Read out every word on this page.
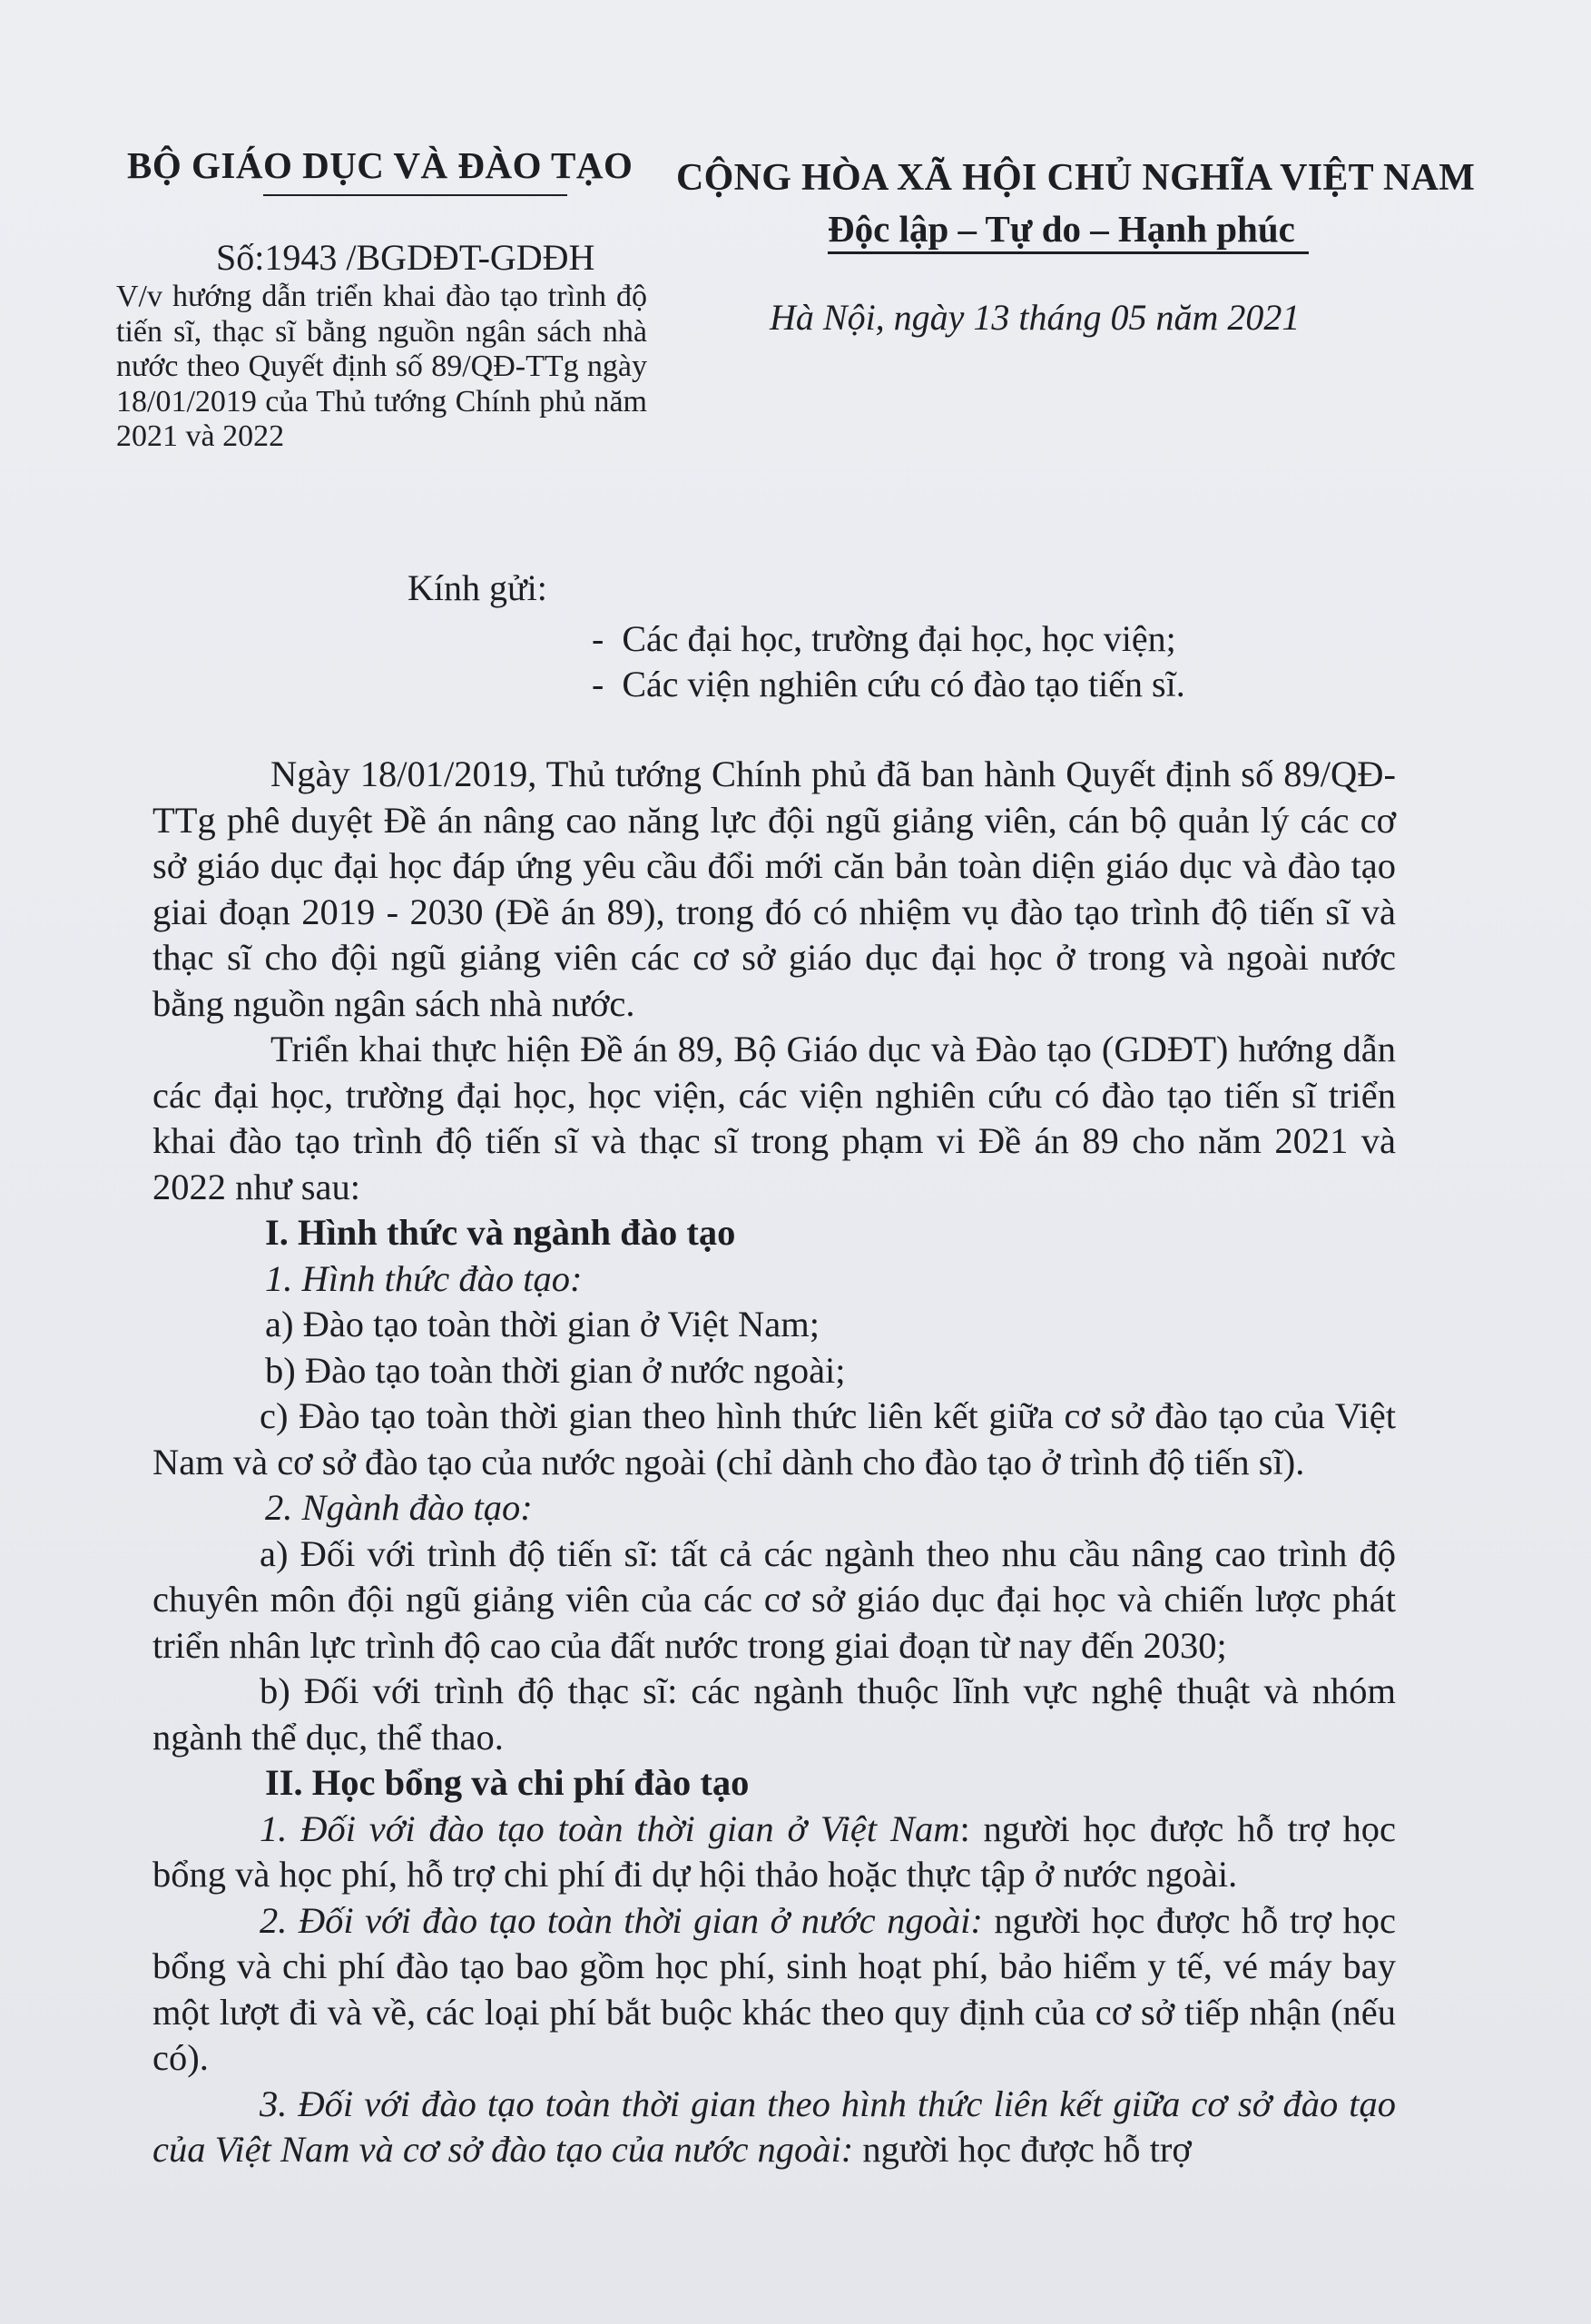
BỘ GIÁO DỤC VÀ ĐÀO TẠO CỘNG HÒA XÃ HỘI CHỦ NGHĨA VIỆT NAM
Độc lập – Tự do – Hạnh phúc
Số:1943 /BGDĐT-GDĐH
V/v hướng dẫn triển khai đào tạo trình độ tiến sĩ, thạc sĩ bằng nguồn ngân sách nhà nước theo Quyết định số 89/QĐ-TTg ngày 18/01/2019 của Thủ tướng Chính phủ năm 2021 và 2022
Hà Nội, ngày 13 tháng 05 năm 2021
Kính gửi:
- Các đại học, trường đại học, học viện;
- Các viện nghiên cứu có đào tạo tiến sĩ.

Ngày 18/01/2019, Thủ tướng Chính phủ đã ban hành Quyết định số 89/QĐ-TTg phê duyệt Đề án nâng cao năng lực đội ngũ giảng viên, cán bộ quản lý các cơ sở giáo dục đại học đáp ứng yêu cầu đổi mới căn bản toàn diện giáo dục và đào tạo giai đoạn 2019 - 2030 (Đề án 89), trong đó có nhiệm vụ đào tạo trình độ tiến sĩ và thạc sĩ cho đội ngũ giảng viên các cơ sở giáo dục đại học ở trong và ngoài nước bằng nguồn ngân sách nhà nước.

Triển khai thực hiện Đề án 89, Bộ Giáo dục và Đào tạo (GDĐT) hướng dẫn các đại học, trường đại học, học viện, các viện nghiên cứu có đào tạo tiến sĩ triển khai đào tạo trình độ tiến sĩ và thạc sĩ trong phạm vi Đề án 89 cho năm 2021 và 2022 như sau:

I. Hình thức và ngành đào tạo

1. Hình thức đào tạo:

a) Đào tạo toàn thời gian ở Việt Nam;

b) Đào tạo toàn thời gian ở nước ngoài;

c) Đào tạo toàn thời gian theo hình thức liên kết giữa cơ sở đào tạo của Việt Nam và cơ sở đào tạo của nước ngoài (chỉ dành cho đào tạo ở trình độ tiến sĩ).

2. Ngành đào tạo:

a) Đối với trình độ tiến sĩ: tất cả các ngành theo nhu cầu nâng cao trình độ chuyên môn đội ngũ giảng viên của các cơ sở giáo dục đại học và chiến lược phát triển nhân lực trình độ cao của đất nước trong giai đoạn từ nay đến 2030;

b) Đối với trình độ thạc sĩ: các ngành thuộc lĩnh vực nghệ thuật và nhóm ngành thể dục, thể thao.

II. Học bổng và chi phí đào tạo

1. Đối với đào tạo toàn thời gian ở Việt Nam: người học được hỗ trợ học bổng và học phí, hỗ trợ chi phí đi dự hội thảo hoặc thực tập ở nước ngoài.

2. Đối với đào tạo toàn thời gian ở nước ngoài: người học được hỗ trợ học bổng và chi phí đào tạo bao gồm học phí, sinh hoạt phí, bảo hiểm y tế, vé máy bay một lượt đi và về, các loại phí bắt buộc khác theo quy định của cơ sở tiếp nhận (nếu có).

3. Đối với đào tạo toàn thời gian theo hình thức liên kết giữa cơ sở đào tạo của Việt Nam và cơ sở đào tạo của nước ngoài: người học được hỗ trợ
